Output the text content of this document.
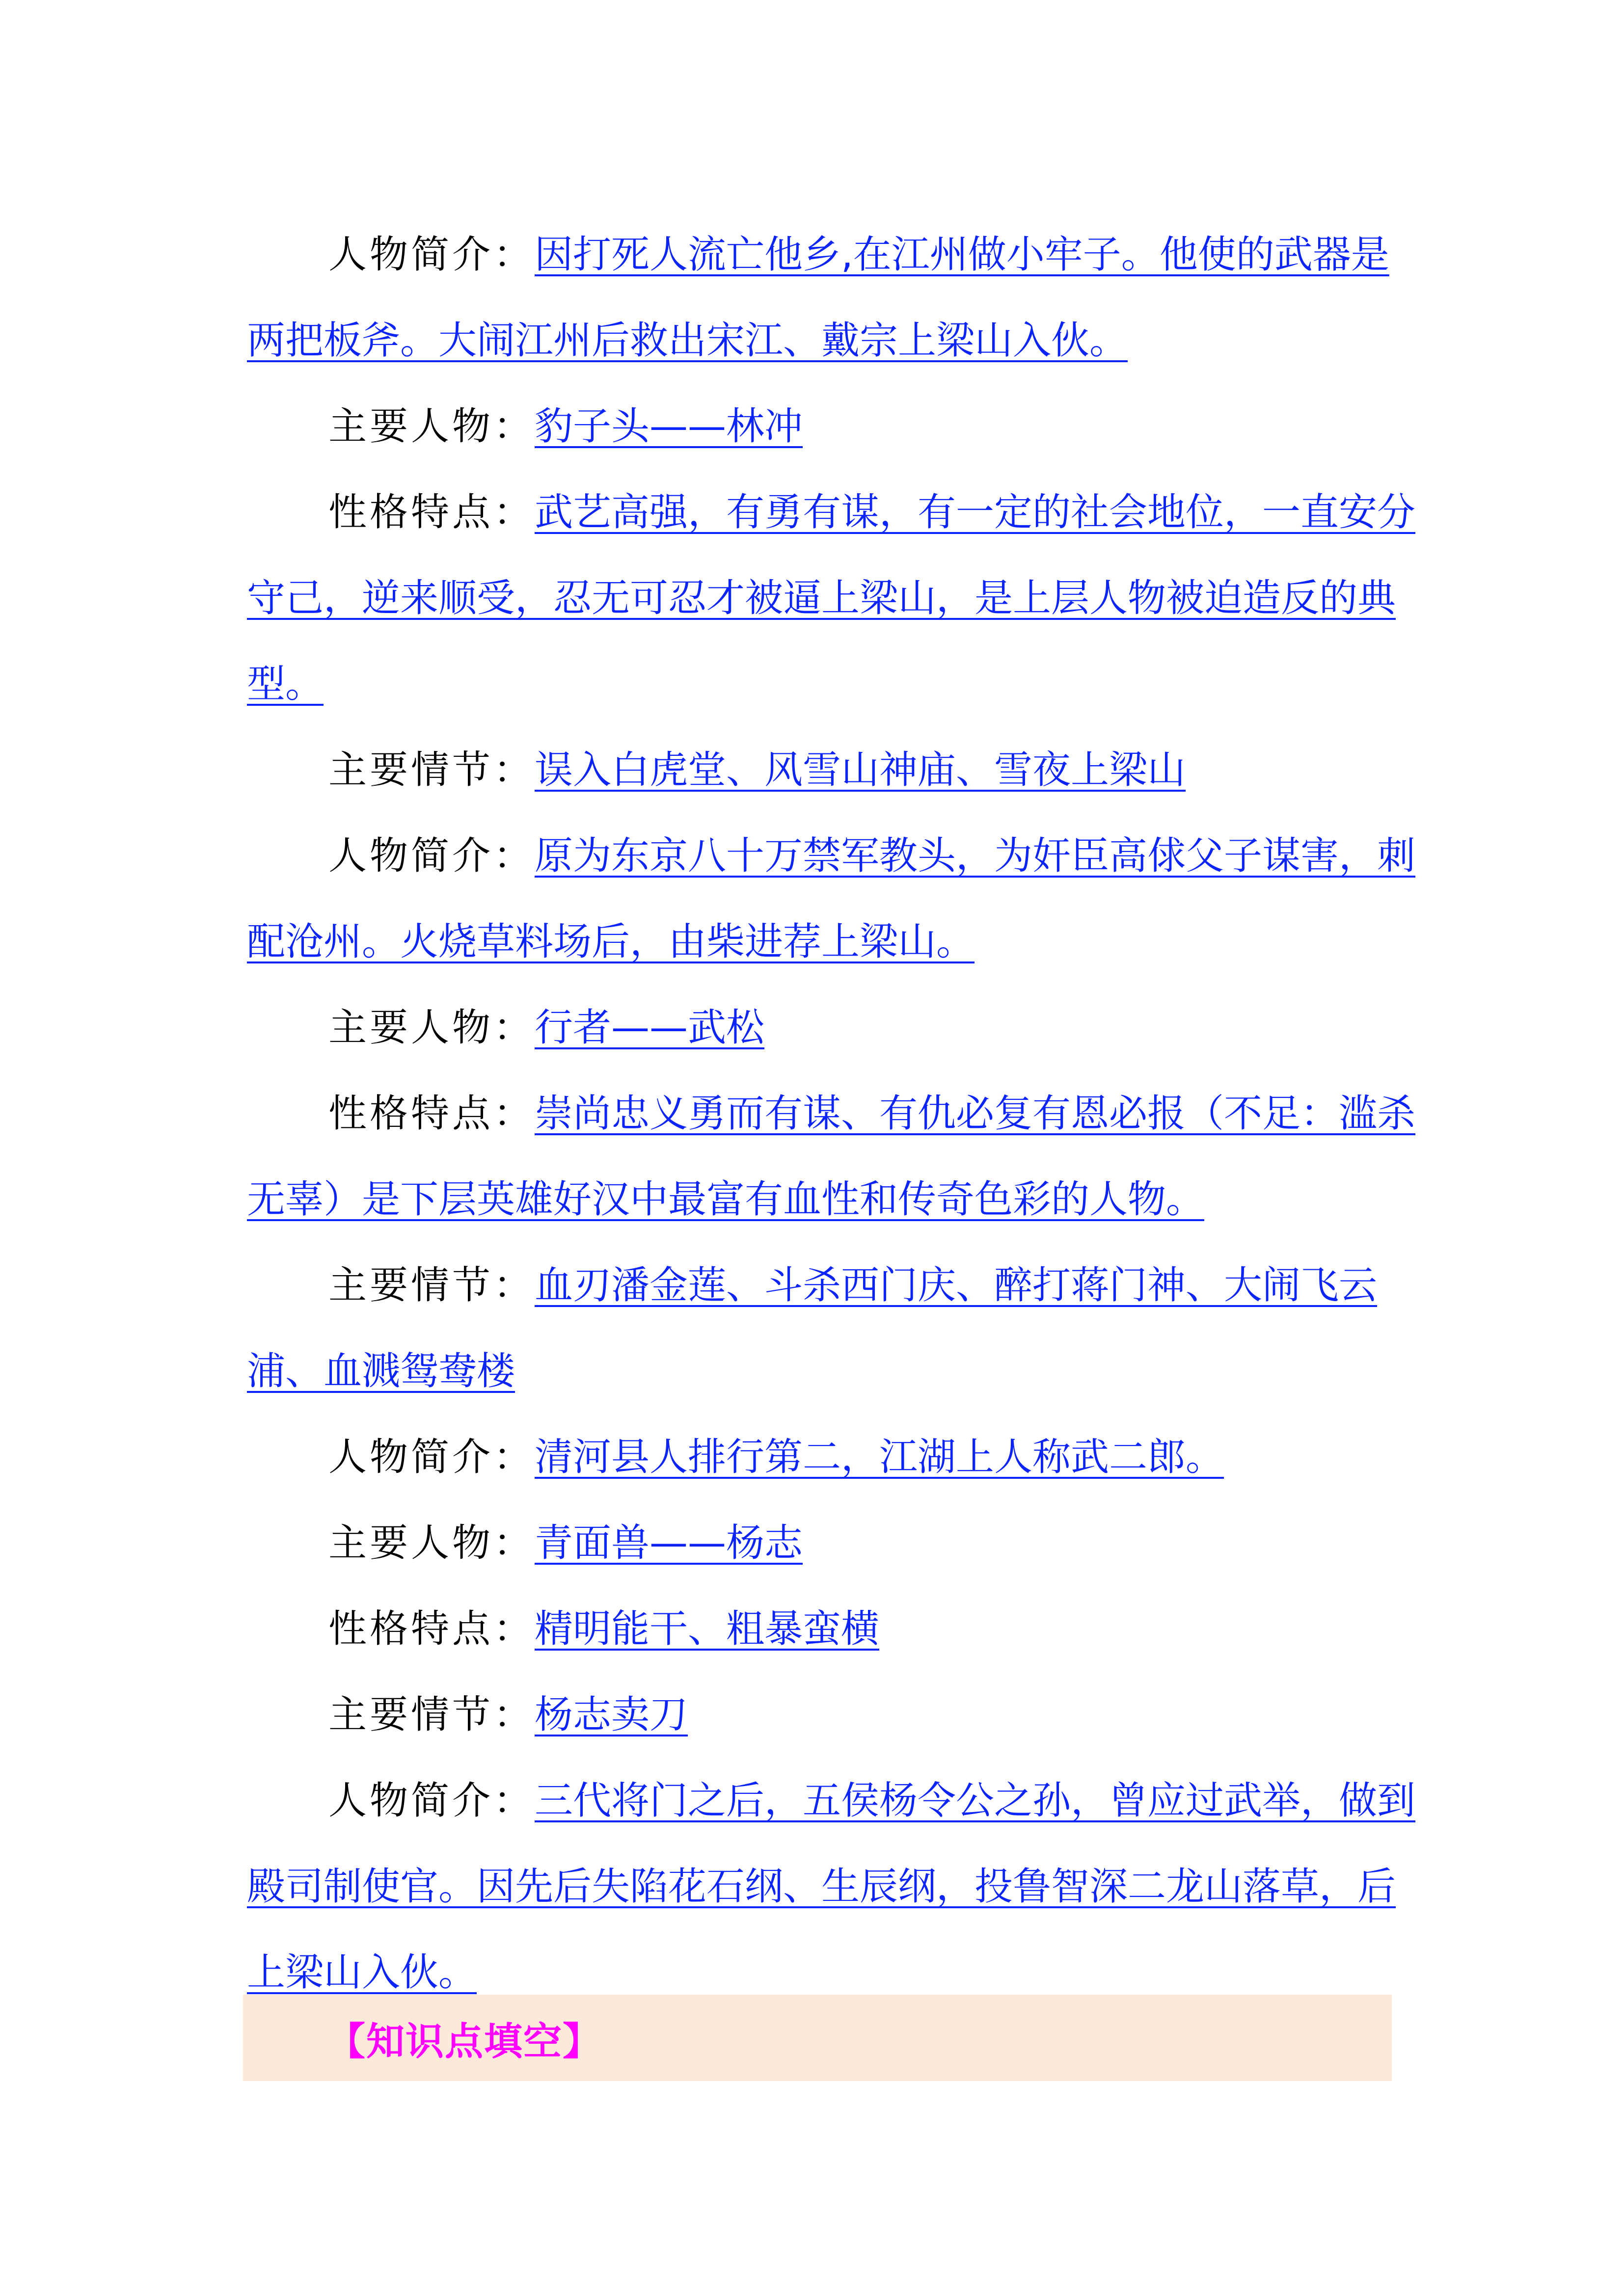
人物简介：因打死人流亡他乡,在江州做小牢子。他使的武器是两把板斧。大闹江州后救出宋江、戴宗上梁山入伙。

主要人物：豹子头——林冲

性格特点：武艺高强，有勇有谋，有一定的社会地位，一直安分守己，逆来顺受，忍无可忍才被逼上梁山，是上层人物被迫造反的典型。

主要情节：误入白虎堂、风雪山神庙、雪夜上梁山

人物简介：原为东京八十万禁军教头，为奸臣高俅父子谋害，刺配沧州。火烧草料场后，由柴进荐上梁山。

主要人物：行者——武松

性格特点：崇尚忠义勇而有谋、有仇必复有恩必报（不足：滥杀无辜）是下层英雄好汉中最富有血性和传奇色彩的人物。

主要情节：血刃潘金莲、斗杀西门庆、醉打蒋门神、大闹飞云浦、血溅鸳鸯楼

人物简介：清河县人排行第二，江湖上人称武二郎。

主要人物：青面兽——杨志

性格特点：精明能干、粗暴蛮横

主要情节：杨志卖刀

人物简介：三代将门之后，五侯杨令公之孙，曾应过武举，做到殿司制使官。因先后失陷花石纲、生辰纲，投鲁智深二龙山落草，后上梁山入伙。

【知识点填空】
